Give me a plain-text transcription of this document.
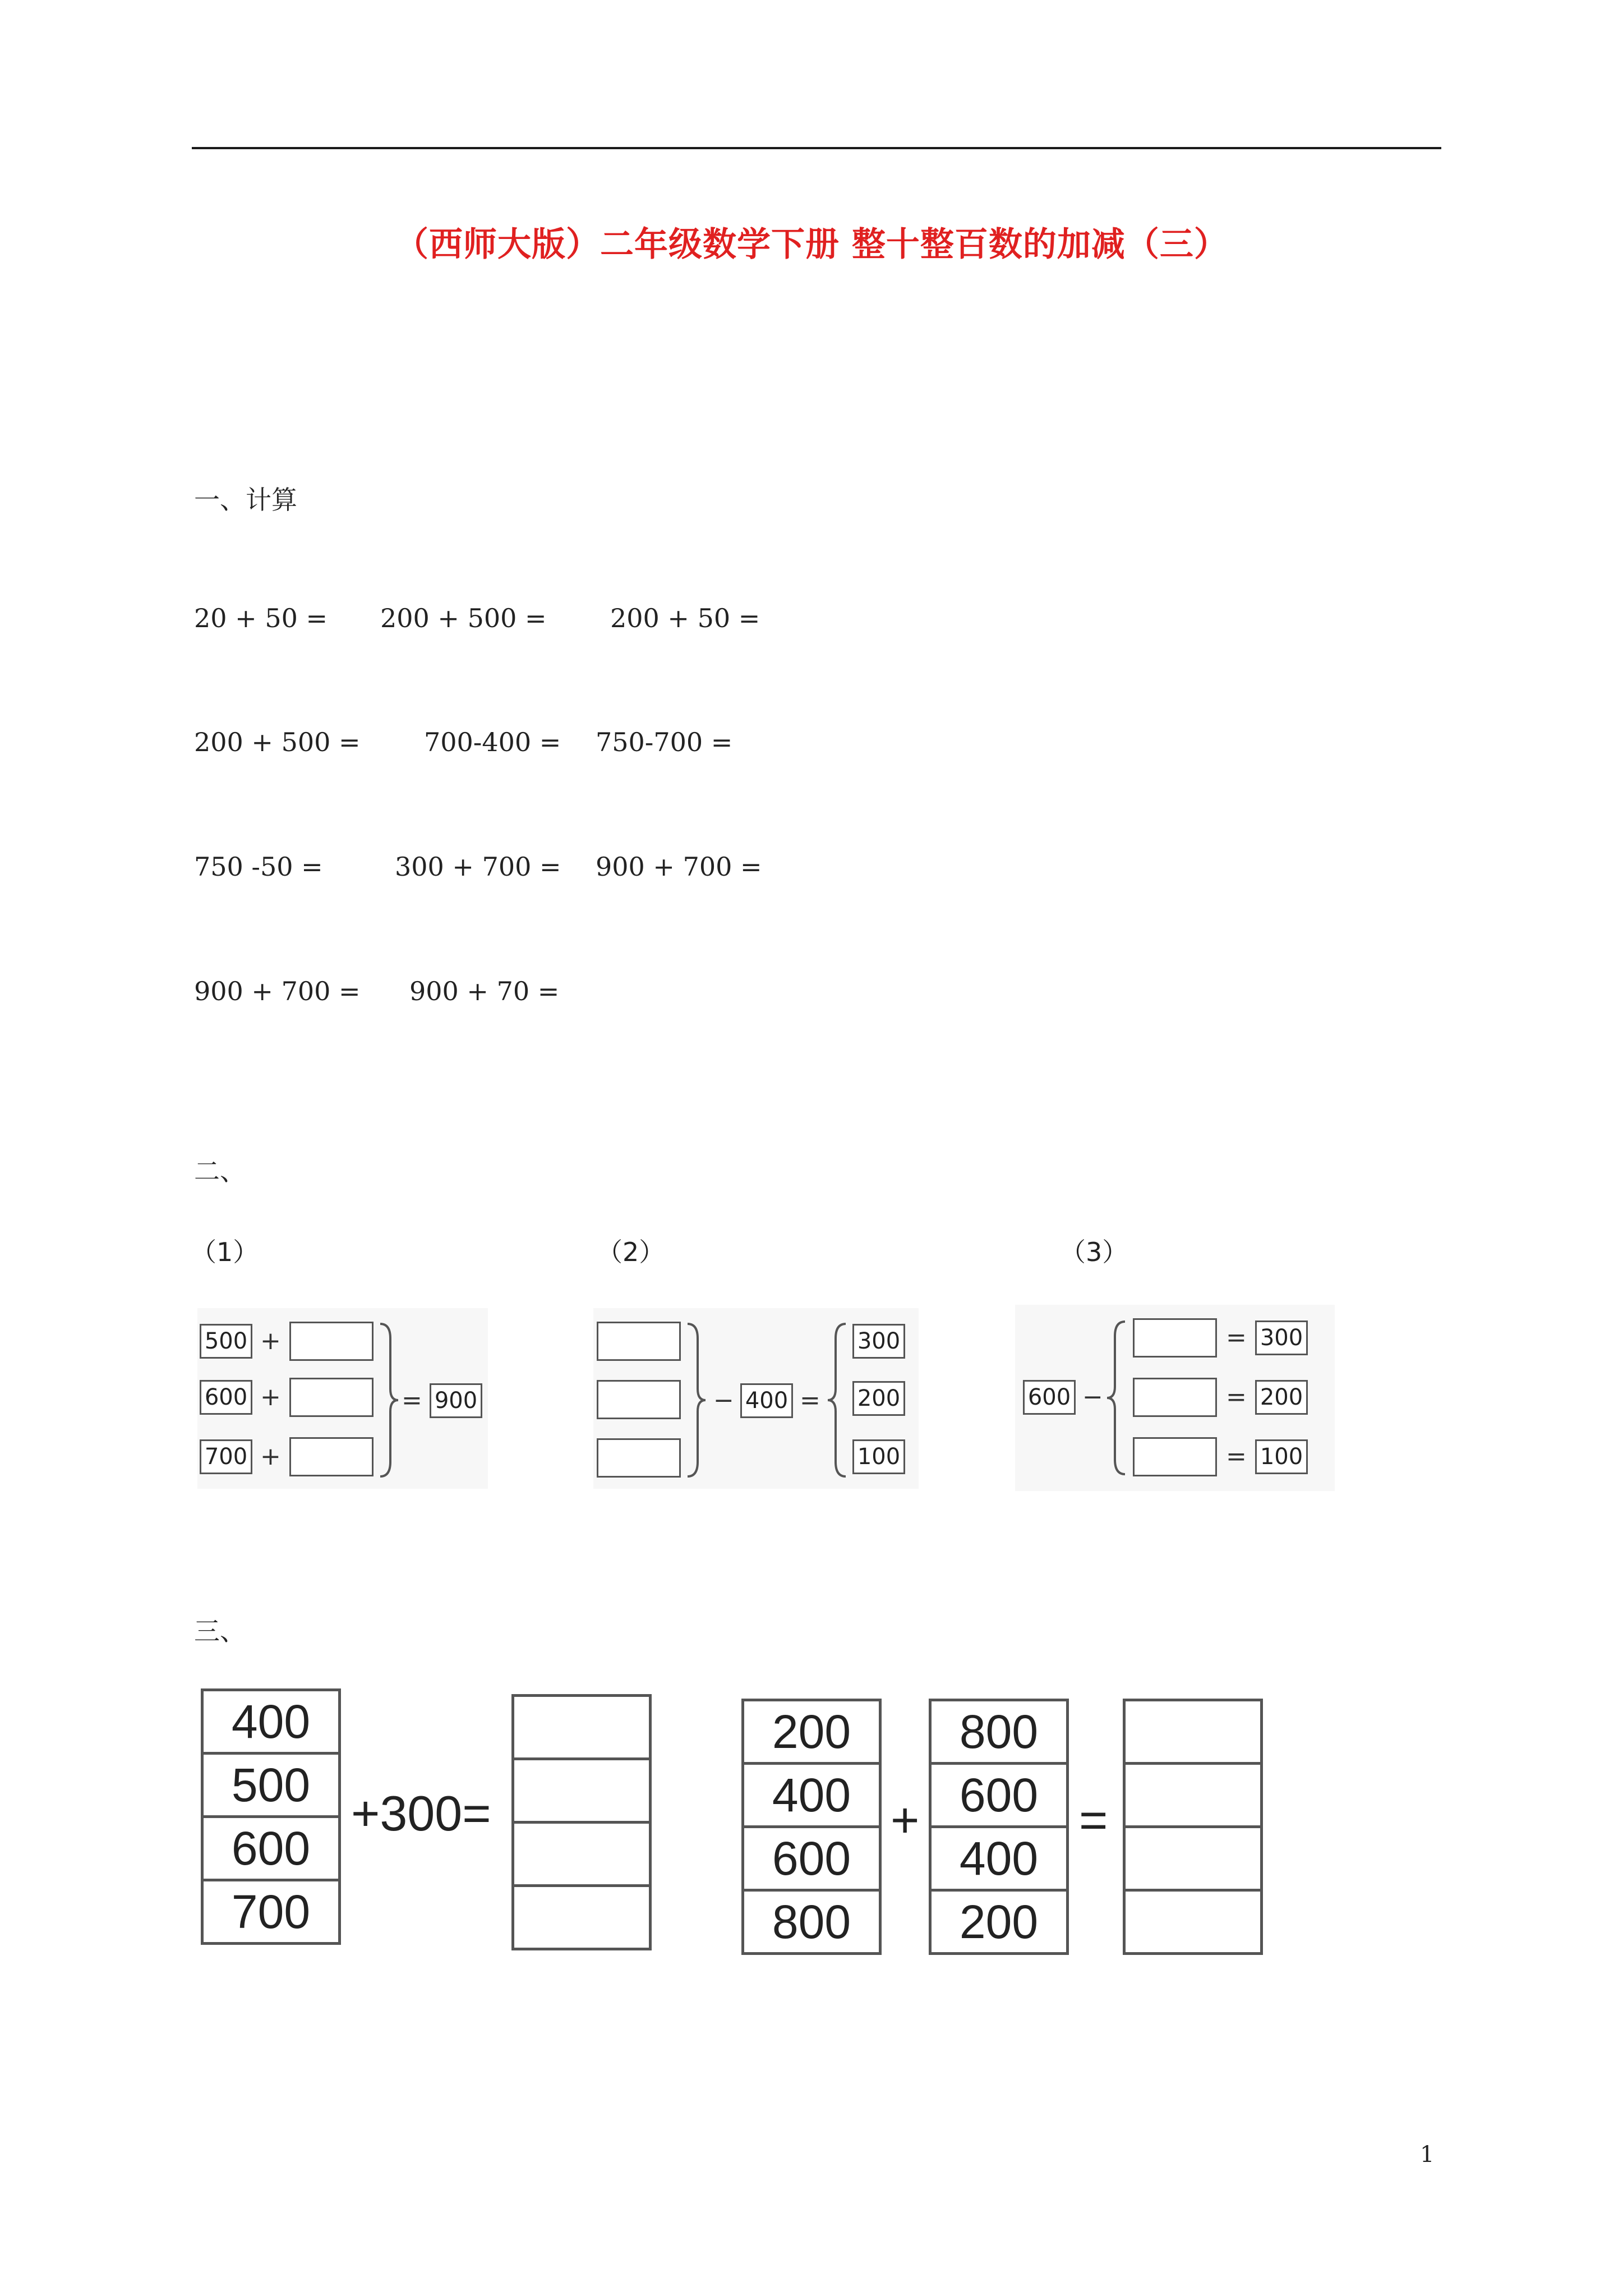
（西师大版）二年级数学下册 整十整百数的加减（三）
一、计算
20 + 50 = 200 + 500 = 200 + 50 =
200 + 500 = 700-400 = 750-700 =
750 -50 =	300 + 700 = 900 + 700 =
900 + 700 = 900 + 70 =
二、
（1）	（2）	（3）
500 +
600 +
700 +
= 900	− 400 =
300
200
100
600 −
= 300
= 200
= 100
三、
400
500
600
700
+300=

200
400
600
800
+
800
600
400
200
=

1
